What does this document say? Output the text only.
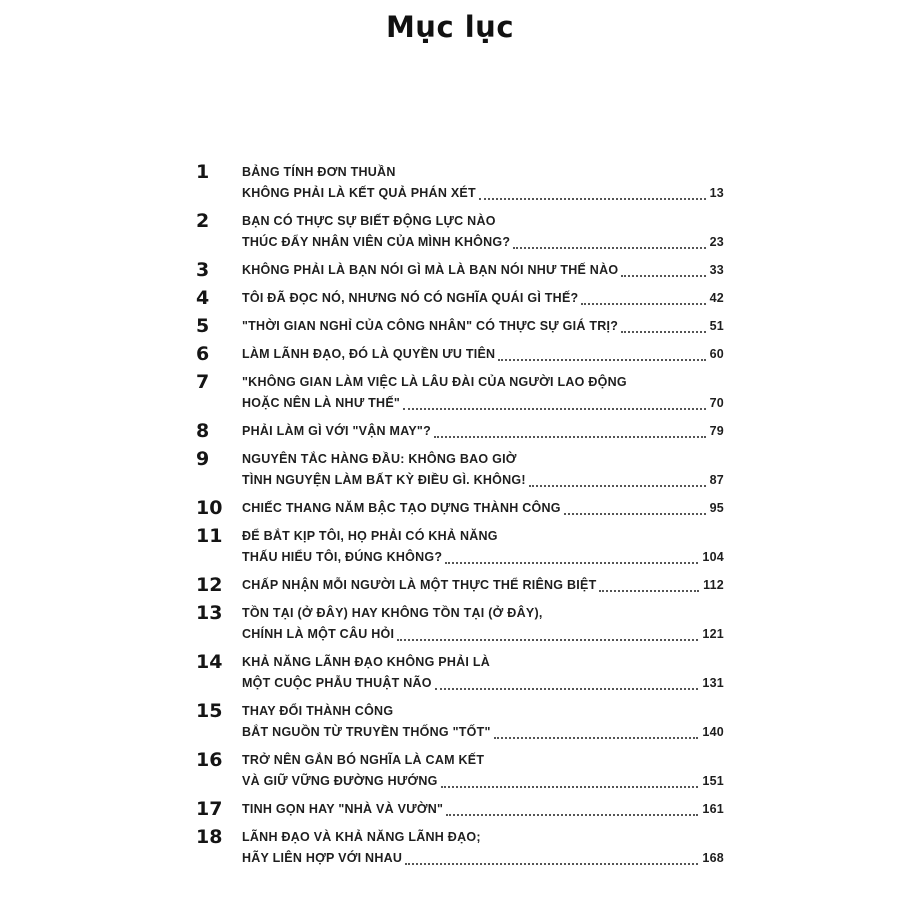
Mục lục
1	BẢNG TÍNH ĐƠN THUẦN
KHÔNG PHẢI LÀ KẾT QUẢ PHÁN XÉT	13
2	BẠN CÓ THỰC SỰ BIẾT ĐỘNG LỰC NÀO
THÚC ĐẨY NHÂN VIÊN CỦA MÌNH KHÔNG?	23
3	KHÔNG PHẢI LÀ BẠN NÓI GÌ MÀ LÀ BẠN NÓI NHƯ THẾ NÀO	33
4	TÔI ĐÃ ĐỌC NÓ, NHƯNG NÓ CÓ NGHĨA QUÁI GÌ THẾ?	42
5	"THỜI GIAN NGHỈ CỦA CÔNG NHÂN" CÓ THỰC SỰ GIÁ TRỊ?	51
6	LÀM LÃNH ĐẠO, ĐÓ LÀ QUYỀN ƯU TIÊN	60
7	"KHÔNG GIAN LÀM VIỆC LÀ LÂU ĐÀI CỦA NGƯỜI LAO ĐỘNG
HOẶC NÊN LÀ NHƯ THẾ"	70
8	PHẢI LÀM GÌ VỚI "VẬN MAY"?	79
9	NGUYÊN TẮC HÀNG ĐẦU: KHÔNG BAO GIỜ
TÌNH NGUYỆN LÀM BẤT KỲ ĐIỀU GÌ. KHÔNG!	87
10	CHIẾC THANG NĂM BẬC TẠO DỰNG THÀNH CÔNG	95
11	ĐỂ BẮT KỊP TÔI, HỌ PHẢI CÓ KHẢ NĂNG
THẤU HIỂU TÔI, ĐÚNG KHÔNG?	104
12	CHẤP NHẬN MỖI NGƯỜI LÀ MỘT THỰC THỂ RIÊNG BIỆT	112
13	TỒN TẠI (Ở ĐÂY) HAY KHÔNG TỒN TẠI (Ở ĐÂY),
CHÍNH LÀ MỘT CÂU HỎI	121
14	KHẢ NĂNG LÃNH ĐẠO KHÔNG PHẢI LÀ
MỘT CUỘC PHẪU THUẬT NÃO	131
15	THAY ĐỔI THÀNH CÔNG
BẮT NGUỒN TỪ TRUYỀN THỐNG "TỐT"	140
16	TRỞ NÊN GẮN BÓ NGHĨA LÀ CAM KẾT
VÀ GIỮ VỮNG ĐƯỜNG HƯỚNG	151
17	TINH GỌN HAY "NHÀ VÀ VƯỜN"	161
18	LÃNH ĐẠO VÀ KHẢ NĂNG LÃNH ĐẠO;
HÃY LIÊN HỢP VỚI NHAU	168
